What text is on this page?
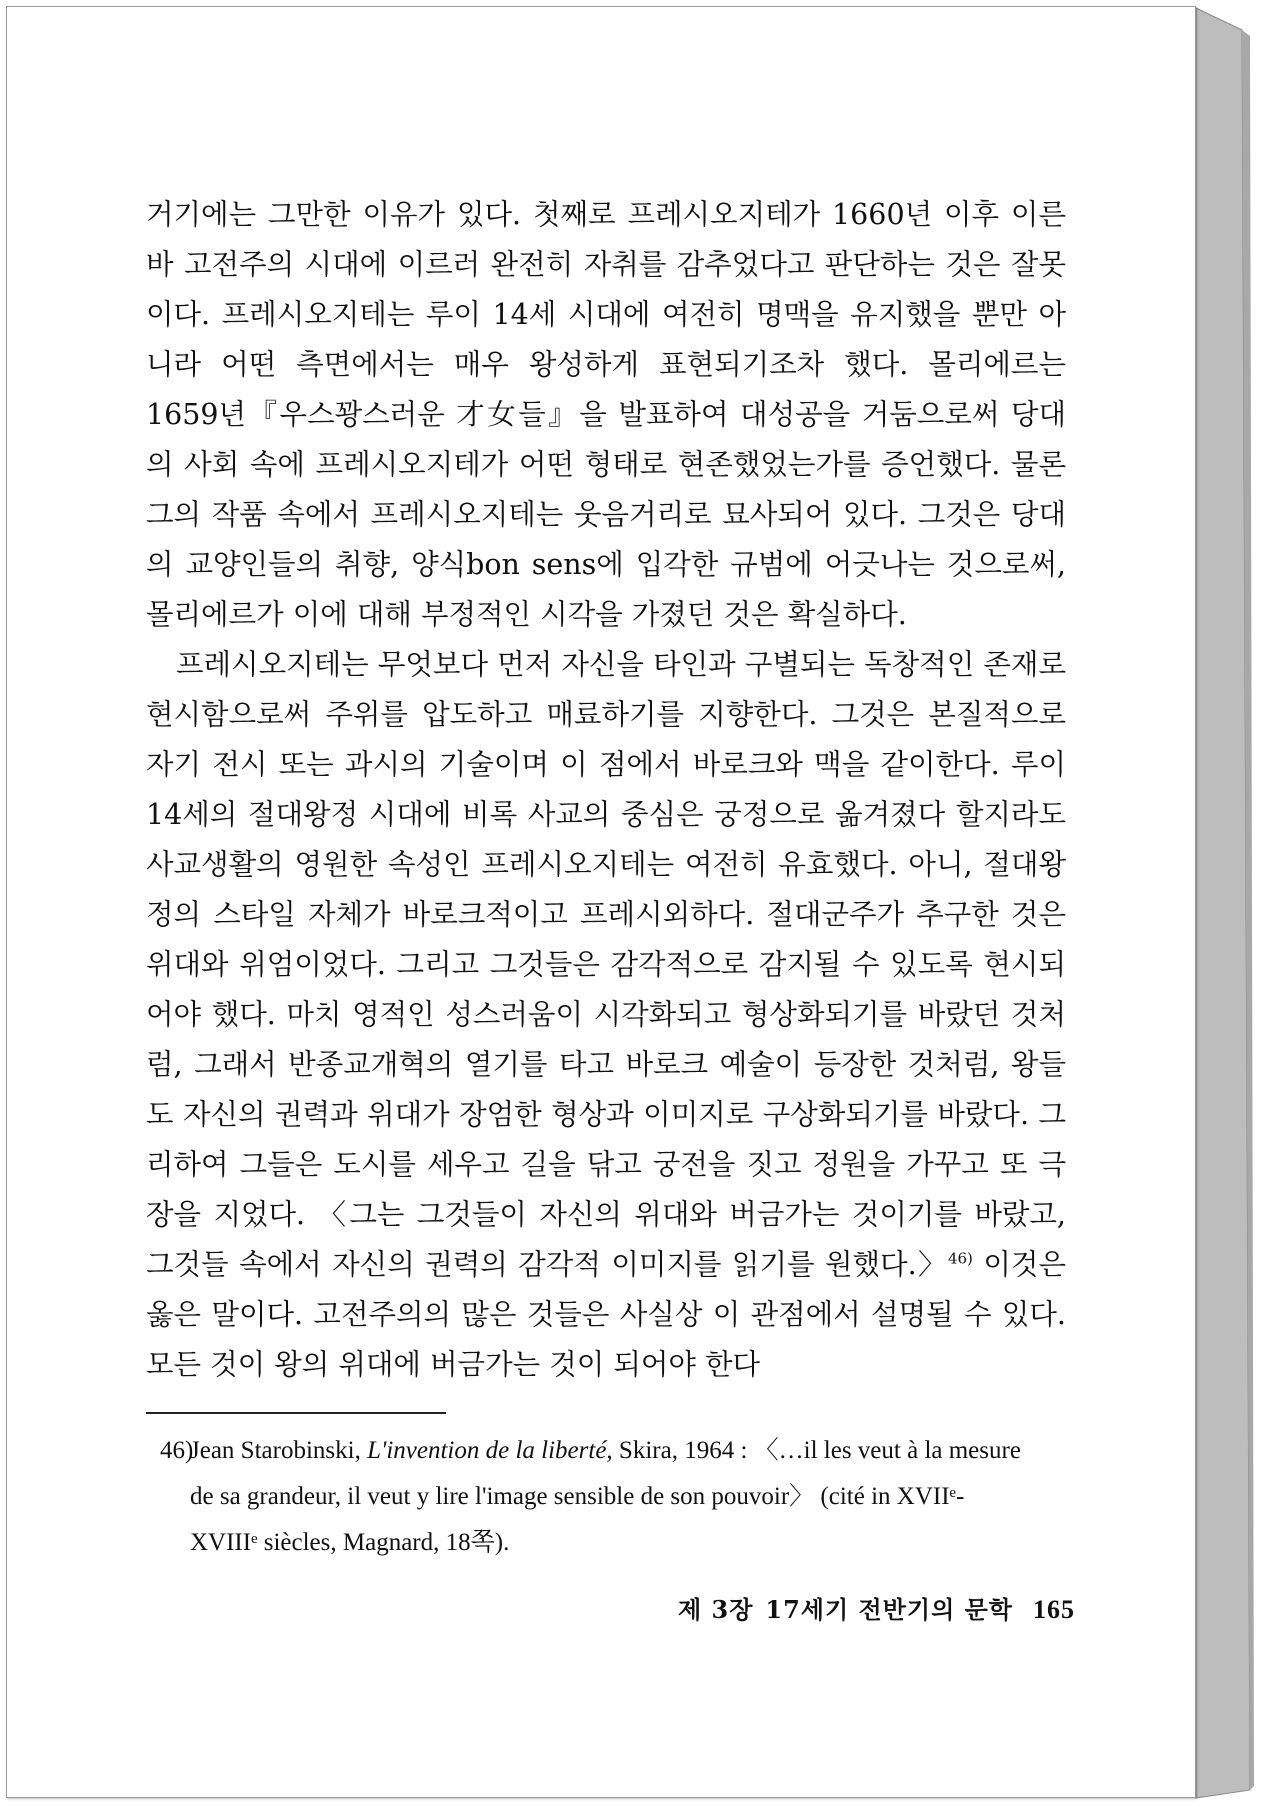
거기에는 그만한 이유가 있다. 첫째로 프레시오지테가 1660년 이후 이른바 고전주의 시대에 이르러 완전히 자취를 감추었다고 판단하는 것은 잘못이다. 프레시오지테는 루이 14세 시대에 여전히 명맥을 유지했을 뿐만 아니라 어떤 측면에서는 매우 왕성하게 표현되기조차 했다. 몰리에르는 1659년『우스꽝스러운 才女들』을 발표하여 대성공을 거둠으로써 당대의 사회 속에 프레시오지테가 어떤 형태로 현존했었는가를 증언했다. 물론 그의 작품 속에서 프레시오지테는 웃음거리로 묘사되어 있다. 그것은 당대의 교양인들의 취향, 양식bon sens에 입각한 규범에 어긋나는 것으로써, 몰리에르가 이에 대해 부정적인 시각을 가졌던 것은 확실하다.

프레시오지테는 무엇보다 먼저 자신을 타인과 구별되는 독창적인 존재로 현시함으로써 주위를 압도하고 매료하기를 지향한다. 그것은 본질적으로 자기 전시 또는 과시의 기술이며 이 점에서 바로크와 맥을 같이한다. 루이 14세의 절대왕정 시대에 비록 사교의 중심은 궁정으로 옮겨졌다 할지라도 사교생활의 영원한 속성인 프레시오지테는 여전히 유효했다. 아니, 절대왕정의 스타일 자체가 바로크적이고 프레시외하다. 절대군주가 추구한 것은 위대와 위엄이었다. 그리고 그것들은 감각적으로 감지될 수 있도록 현시되어야 했다. 마치 영적인 성스러움이 시각화되고 형상화되기를 바랐던 것처럼, 그래서 반종교개혁의 열기를 타고 바로크 예술이 등장한 것처럼, 왕들도 자신의 권력과 위대가 장엄한 형상과 이미지로 구상화되기를 바랐다. 그리하여 그들은 도시를 세우고 길을 닦고 궁전을 짓고 정원을 가꾸고 또 극장을 지었다. 〈그는 그것들이 자신의 위대와 버금가는 것이기를 바랐고, 그것들 속에서 자신의 권력의 감각적 이미지를 읽기를 원했다.〉$^{46)}$ 이것은 옳은 말이다. 고전주의의 많은 것들은 사실상 이 관점에서 설명될 수 있다. 모든 것이 왕의 위대에 버금가는 것이 되어야 한다

46)Jean Starobinski, L'invention de la liberté, Skira, 1964 : 〈…il les veut à la mesure
de sa grandeur, il veut y lire l'image sensible de son pouvoir〉 (cité in XVIIᵉ-
XVIIIᵉ siècles, Magnard, 18쪽).
제 3장 17세기 전반기의 문학 165
